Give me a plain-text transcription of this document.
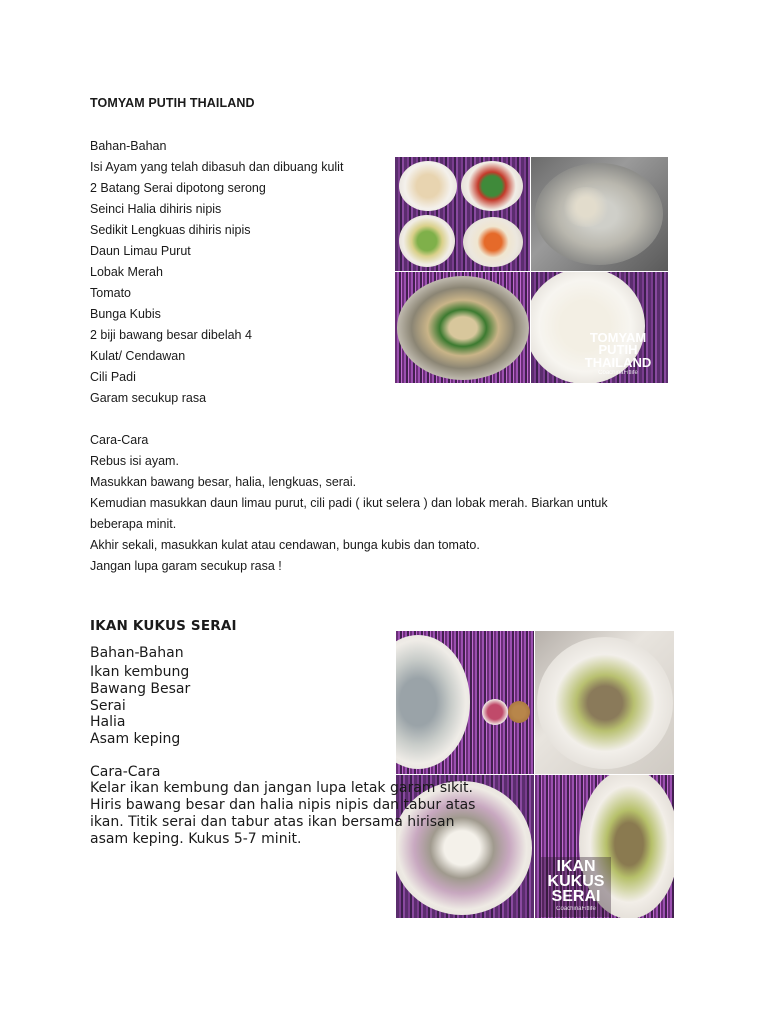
TOMYAM PUTIH THAILAND
Bahan-Bahan
Isi Ayam yang telah dibasuh dan dibuang kulit
2 Batang Serai dipotong serong
Seinci Halia dihiris nipis
Sedikit Lengkuas dihiris nipis
Daun Limau Purut
Lobak Merah
Tomato
Bunga Kubis
2 biji bawang besar dibelah 4
Kulat/ Cendawan
Cili Padi
Garam secukup rasa
Cara-Cara
Rebus isi ayam.
Masukkan bawang besar, halia, lengkuas, serai.
Kemudian masukkan daun limau purut, cili padi ( ikut selera ) dan lobak merah. Biarkan untuk
beberapa minit.
Akhir sekali, masukkan kulat atau cendawan, bunga kubis dan tomato.
Jangan lupa garam secukup rasa !
TOMYAM
PUTIH
THAILAND
CoachinaFitlife
IKAN KUKUS SERAI
Bahan-Bahan
Ikan kembung
Bawang Besar
Serai
Halia
Asam keping
IKAN
KUKUS
SERAI
CoachinaFitlife
Cara-Cara
Kelar ikan kembung dan jangan lupa letak garam sikit.
Hiris bawang besar dan halia nipis nipis dan tabur atas
ikan. Titik serai dan tabur atas ikan bersama hirisan
asam keping. Kukus 5-7 minit.
